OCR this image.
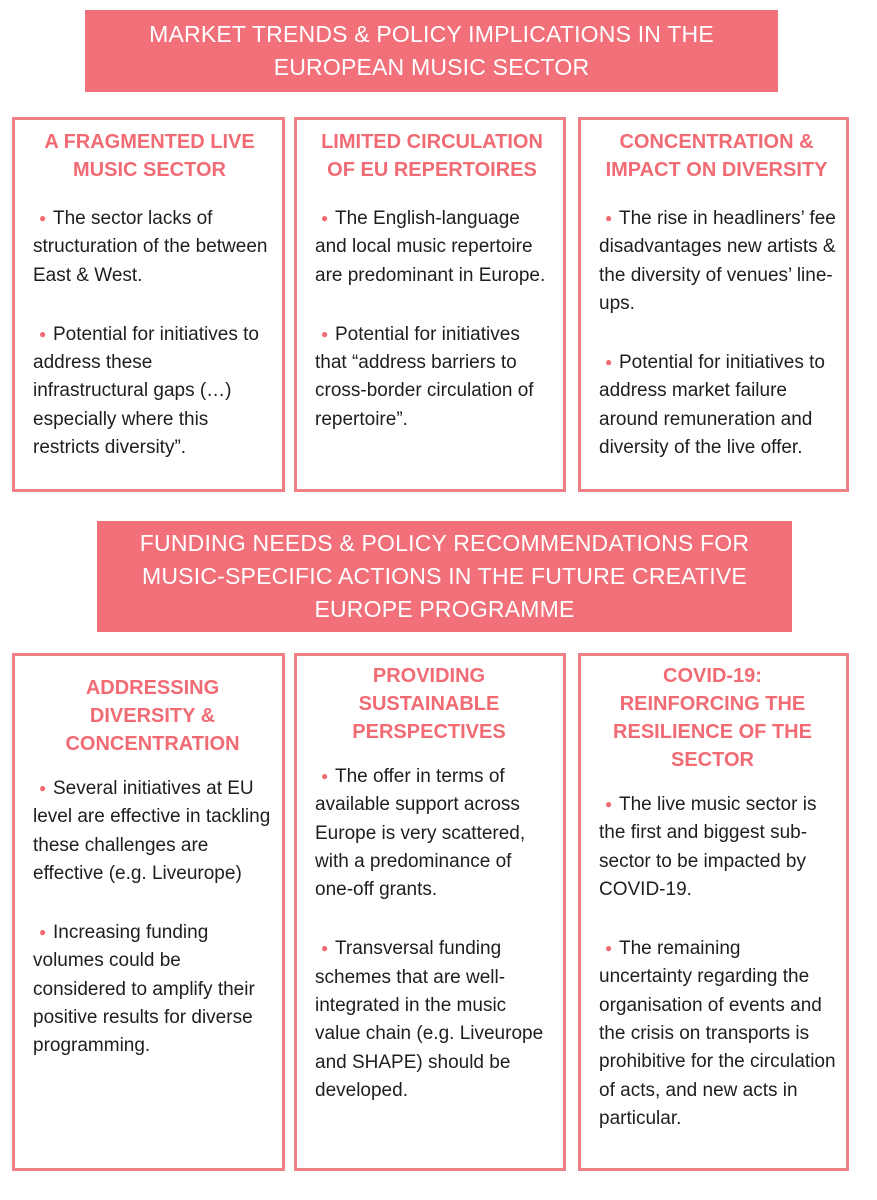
MARKET TRENDS & POLICY IMPLICATIONS IN THE
EUROPEAN MUSIC SECTOR

A FRAGMENTED LIVE MUSIC SECTOR

● The sector lacks of structuration of the between East & West.

● Potential for initiatives to address these infrastructural gaps (…) especially where this restricts diversity”.

LIMITED CIRCULATION OF EU REPERTOIRES

● The English-language and local music repertoire are predominant in Europe.

● Potential for initiatives that “address barriers to cross-border circulation of repertoire”.

CONCENTRATION & IMPACT ON DIVERSITY

● The rise in headliners’ fee disadvantages new artists & the diversity of venues’ line-ups.

● Potential for initiatives to address market failure around remuneration and diversity of the live offer.

FUNDING NEEDS & POLICY RECOMMENDATIONS FOR
MUSIC-SPECIFIC ACTIONS IN THE FUTURE CREATIVE
EUROPE PROGRAMME

ADDRESSING DIVERSITY & CONCENTRATION

● Several initiatives at EU level are effective in tackling these challenges are effective (e.g. Liveurope)

● Increasing funding volumes could be considered to amplify their positive results for diverse programming.

PROVIDING SUSTAINABLE PERSPECTIVES

● The offer in terms of available support across Europe is very scattered, with a predominance of one-off grants.

● Transversal funding schemes that are well-integrated in the music value chain (e.g. Liveurope and SHAPE) should be developed.

COVID-19: REINFORCING THE RESILIENCE OF THE SECTOR

● The live music sector is the first and biggest sub-sector to be impacted by COVID-19.

● The remaining uncertainty regarding the organisation of events and the crisis on transports is prohibitive for the circulation of acts, and new acts in particular.
